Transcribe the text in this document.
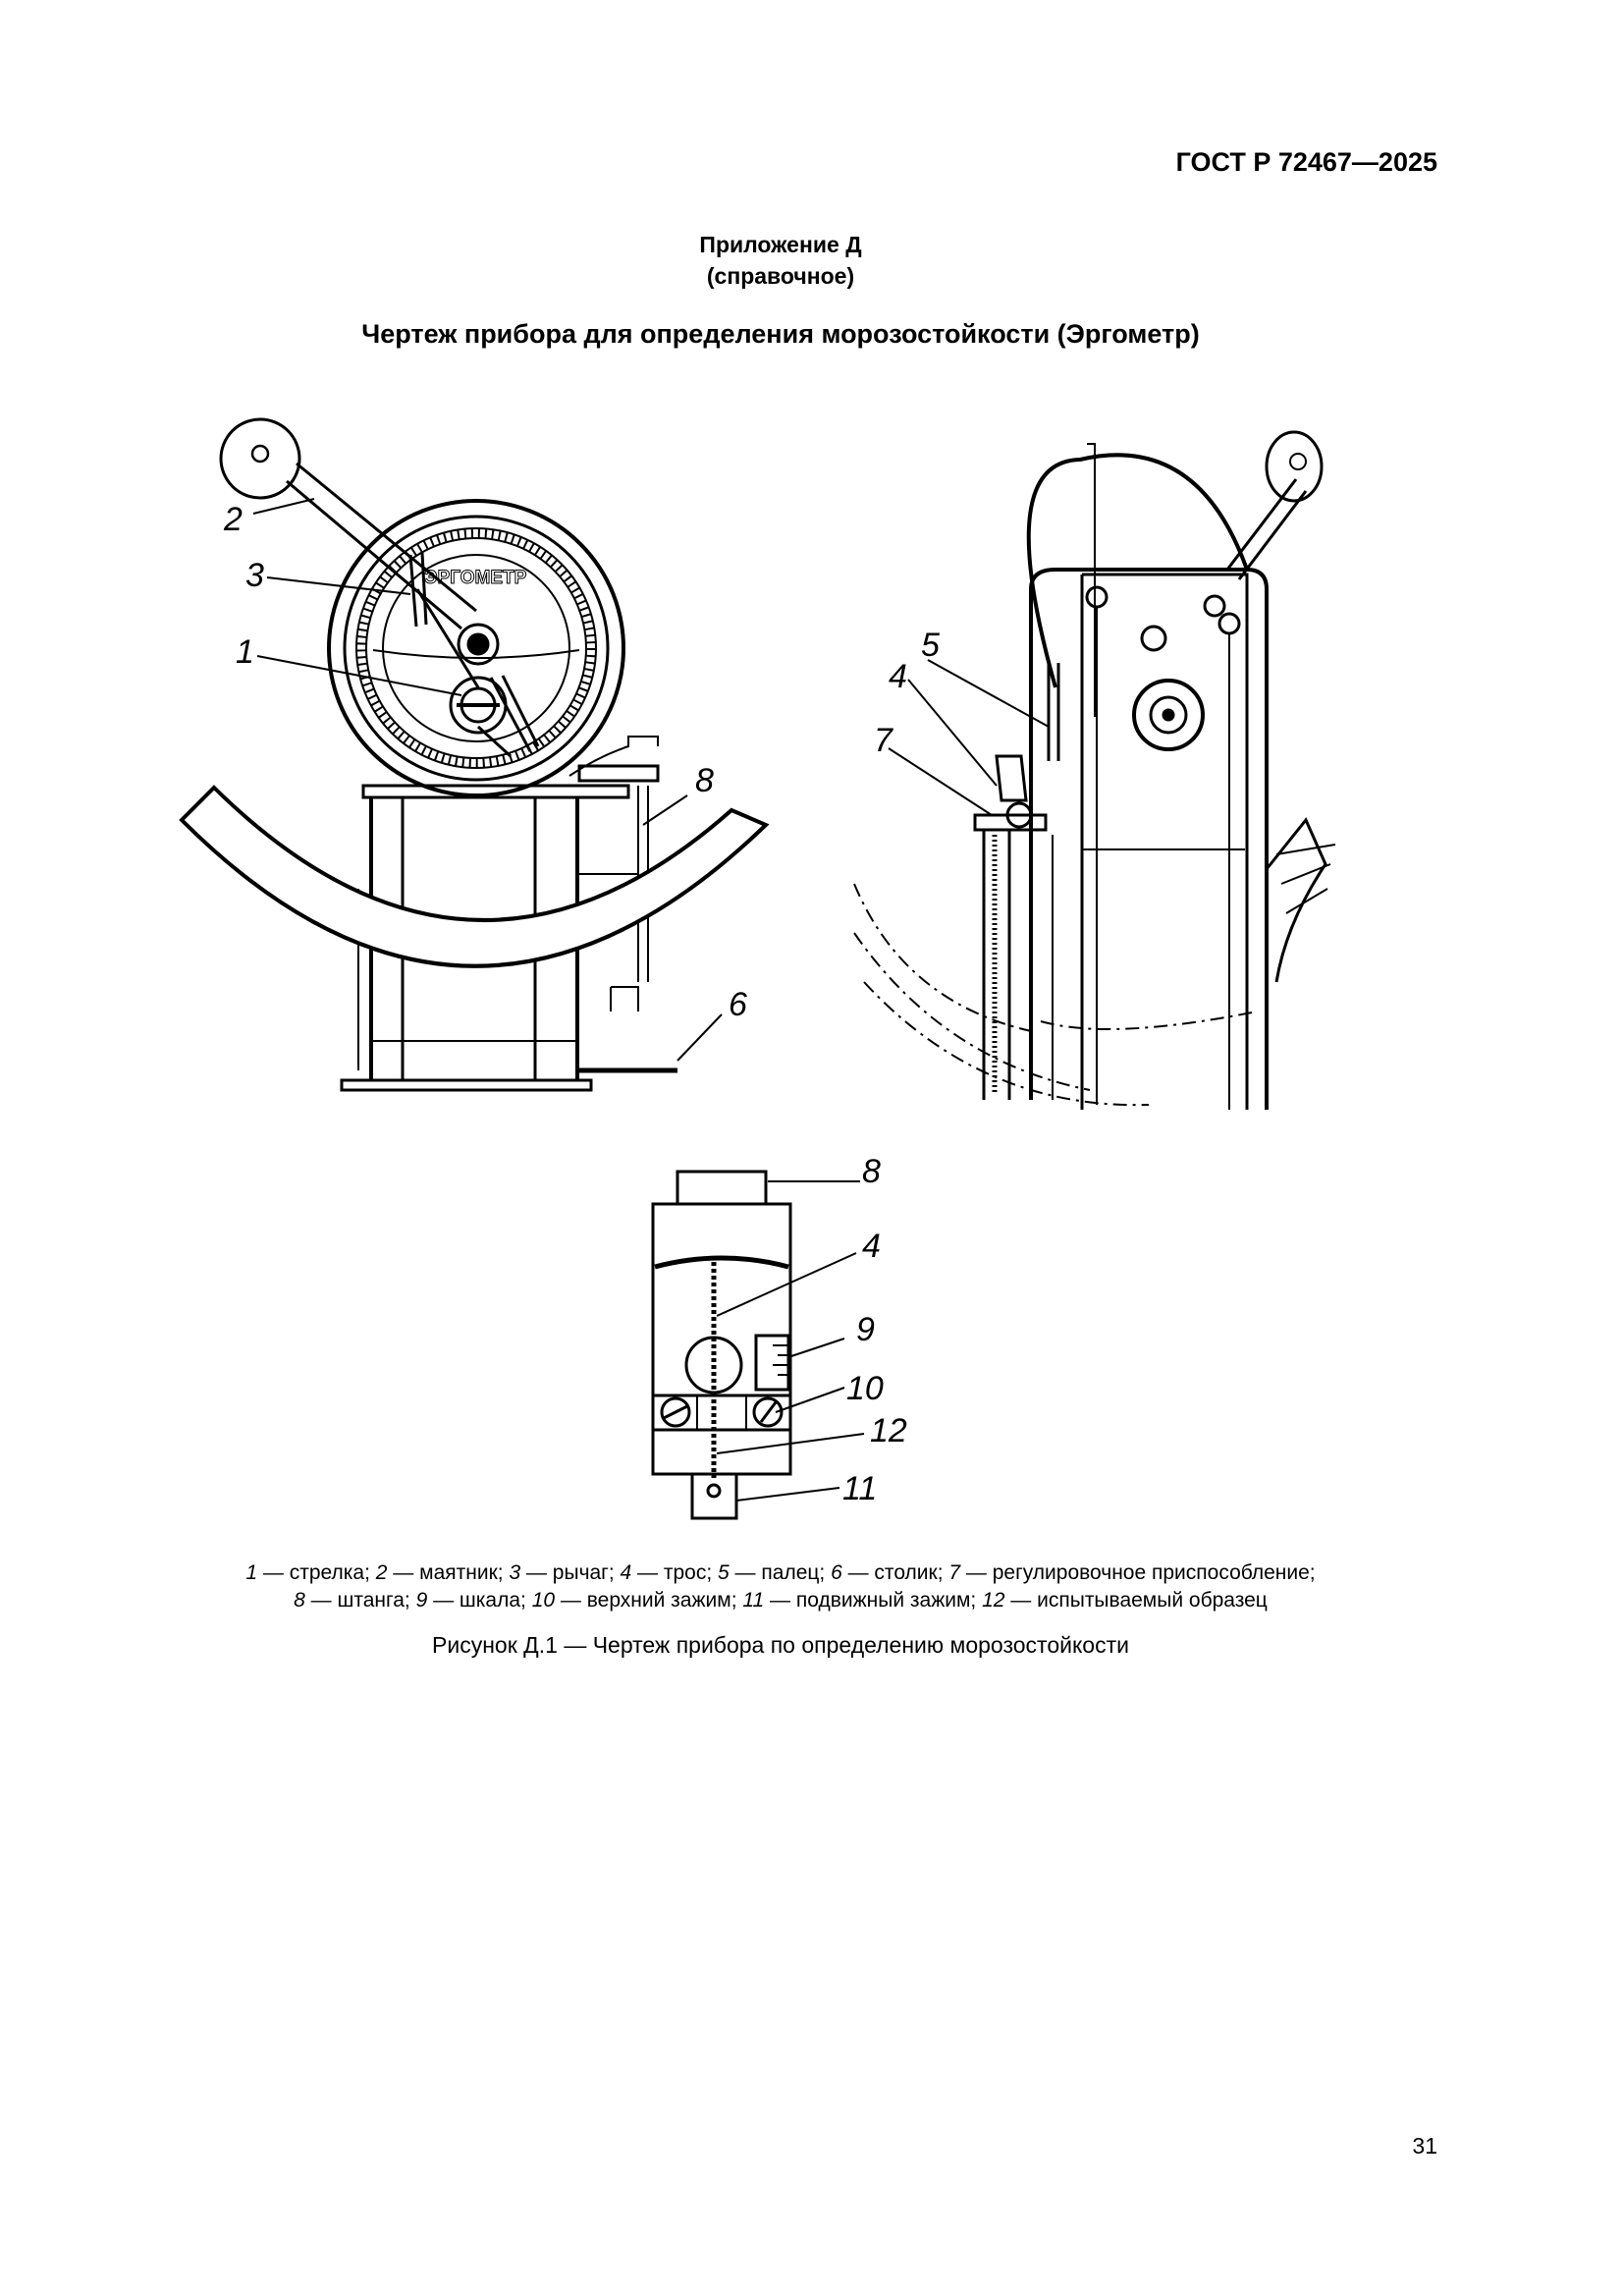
ГОСТ Р 72467—2025
Приложение Д
(справочное)
Чертеж прибора для определения морозостойкости (Эргометр)
ЭРГОМЕТР
2
3
1
8
6
5
4
7
8
4
9
10
12
11
1 — стрелка; 2 — маятник; 3 — рычаг; 4 — трос; 5 — палец; 6 — столик; 7 — регулировочное приспособление;
8 — штанга; 9 — шкала; 10 — верхний зажим; 11 — подвижный зажим; 12 — испытываемый образец
Рисунок Д.1 — Чертеж прибора по определению морозостойкости
31
